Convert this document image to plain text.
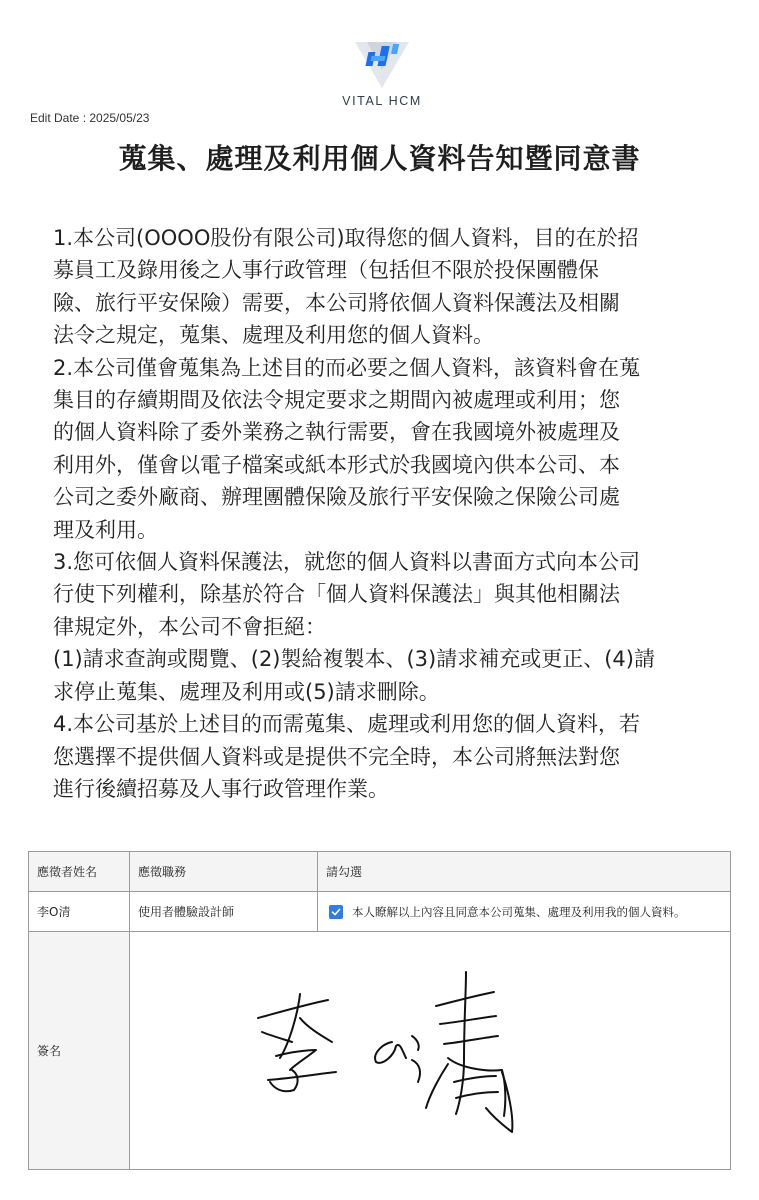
VITAL HCM
Edit Date : 2025/05/23
蒐集、處理及利用個人資料告知暨同意書

1.本公司(OOOO股份有限公司)取得您的個人資料，目的在於招
募員工及錄用後之人事行政管理（包括但不限於投保團體保
險、旅行平安保險）需要，本公司將依個人資料保護法及相關
法令之規定，蒐集、處理及利用您的個人資料。

2.本公司僅會蒐集為上述目的而必要之個人資料，該資料會在蒐
集目的存續期間及依法令規定要求之期間內被處理或利用；您
的個人資料除了委外業務之執行需要，會在我國境外被處理及
利用外，僅會以電子檔案或紙本形式於我國境內供本公司、本
公司之委外廠商、辦理團體保險及旅行平安保險之保險公司處
理及利用。

3.您可依個人資料保護法，就您的個人資料以書面方式向本公司
行使下列權利，除基於符合「個人資料保護法」與其他相關法
律規定外，本公司不會拒絕：

(1)請求查詢或閱覽、(2)製給複製本、(3)請求補充或更正、(4)請
求停止蒐集、處理及利用或(5)請求刪除。

4.本公司基於上述目的而需蒐集、處理或利用您的個人資料，若
您選擇不提供個人資料或是提供不完全時，本公司將無法對您
進行後續招募及人事行政管理作業。

應徵者姓名	應徵職務	請勾選
李O清	使用者體驗設計師	本人瞭解以上內容且同意本公司蒐集、處理及利用我的個人資料。

簽名	
